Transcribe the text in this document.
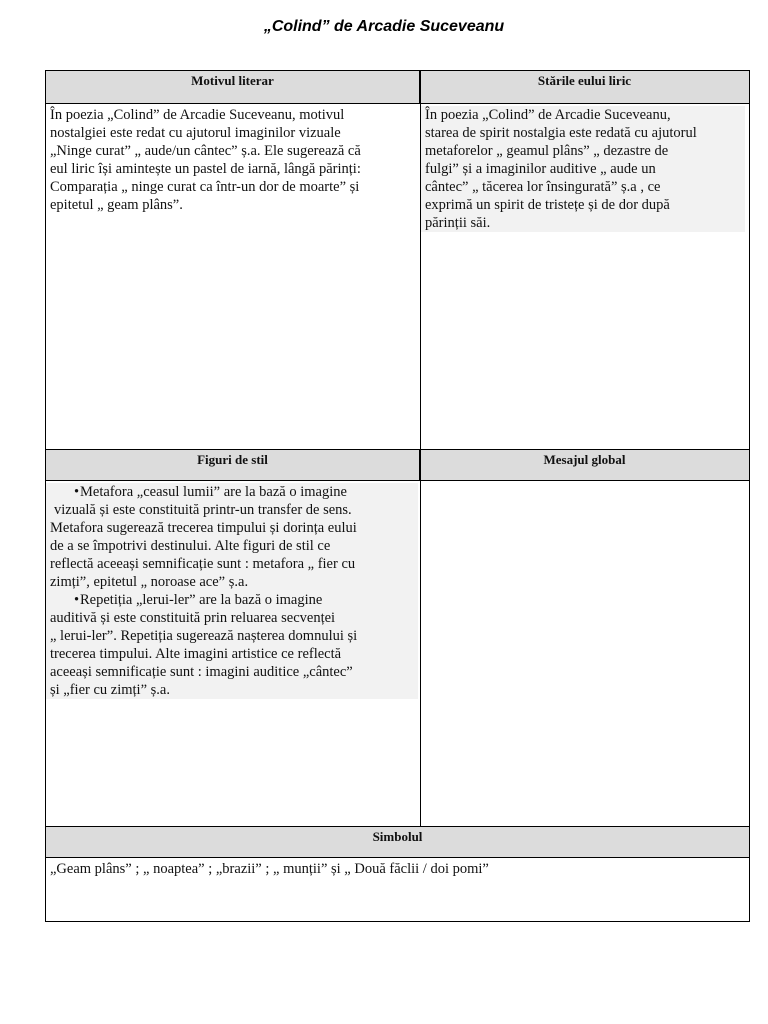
„Colind” de Arcadie Suceveanu
Motivul literar	Stările eului liric
În poezia „Colind” de Arcadie Suceveanu, motivul
nostalgiei este redat cu ajutorul imaginilor vizuale
„Ninge curat” „ aude/un cântec” ș.a. Ele sugerează că
eul liric își amintește un pastel de iarnă, lângă părinți:
Comparația „ ninge curat ca într-un dor de moarte” și
epitetul „ geam plâns”.
În poezia „Colind” de Arcadie Suceveanu,
starea de spirit nostalgia este redată cu ajutorul
metaforelor „ geamul plâns” „ dezastre de
fulgi” și a imaginilor auditive „ aude un
cântec” „ tăcerea lor însingurată” ș.a , ce
exprimă un spirit de tristețe și de dor după
părinții săi.
Figuri de stil	Mesajul global
• Metafora „ceasul lumii” are la bază o imagine
vizuală și este constituită printr-un transfer de sens.
Metafora sugerează trecerea timpului și dorința eului
de a se împotrivi destinului. Alte figuri de stil ce
reflectă aceeași semnificație sunt : metafora „ fier cu
zimți”, epitetul „ noroase ace” ș.a.
• Repetiția „lerui-ler” are la bază o imagine
auditivă și este constituită prin reluarea secvenței
„ lerui-ler”. Repetiția sugerează nașterea domnului și
trecerea timpului. Alte imagini artistice ce reflectă
aceeași semnificație sunt : imagini auditice „cântec”
și „fier cu zimți” ș.a.
Simbolul
„Geam plâns” ; „ noaptea” ; „brazii” ; „ munții” și „ Două făclii / doi pomi”
